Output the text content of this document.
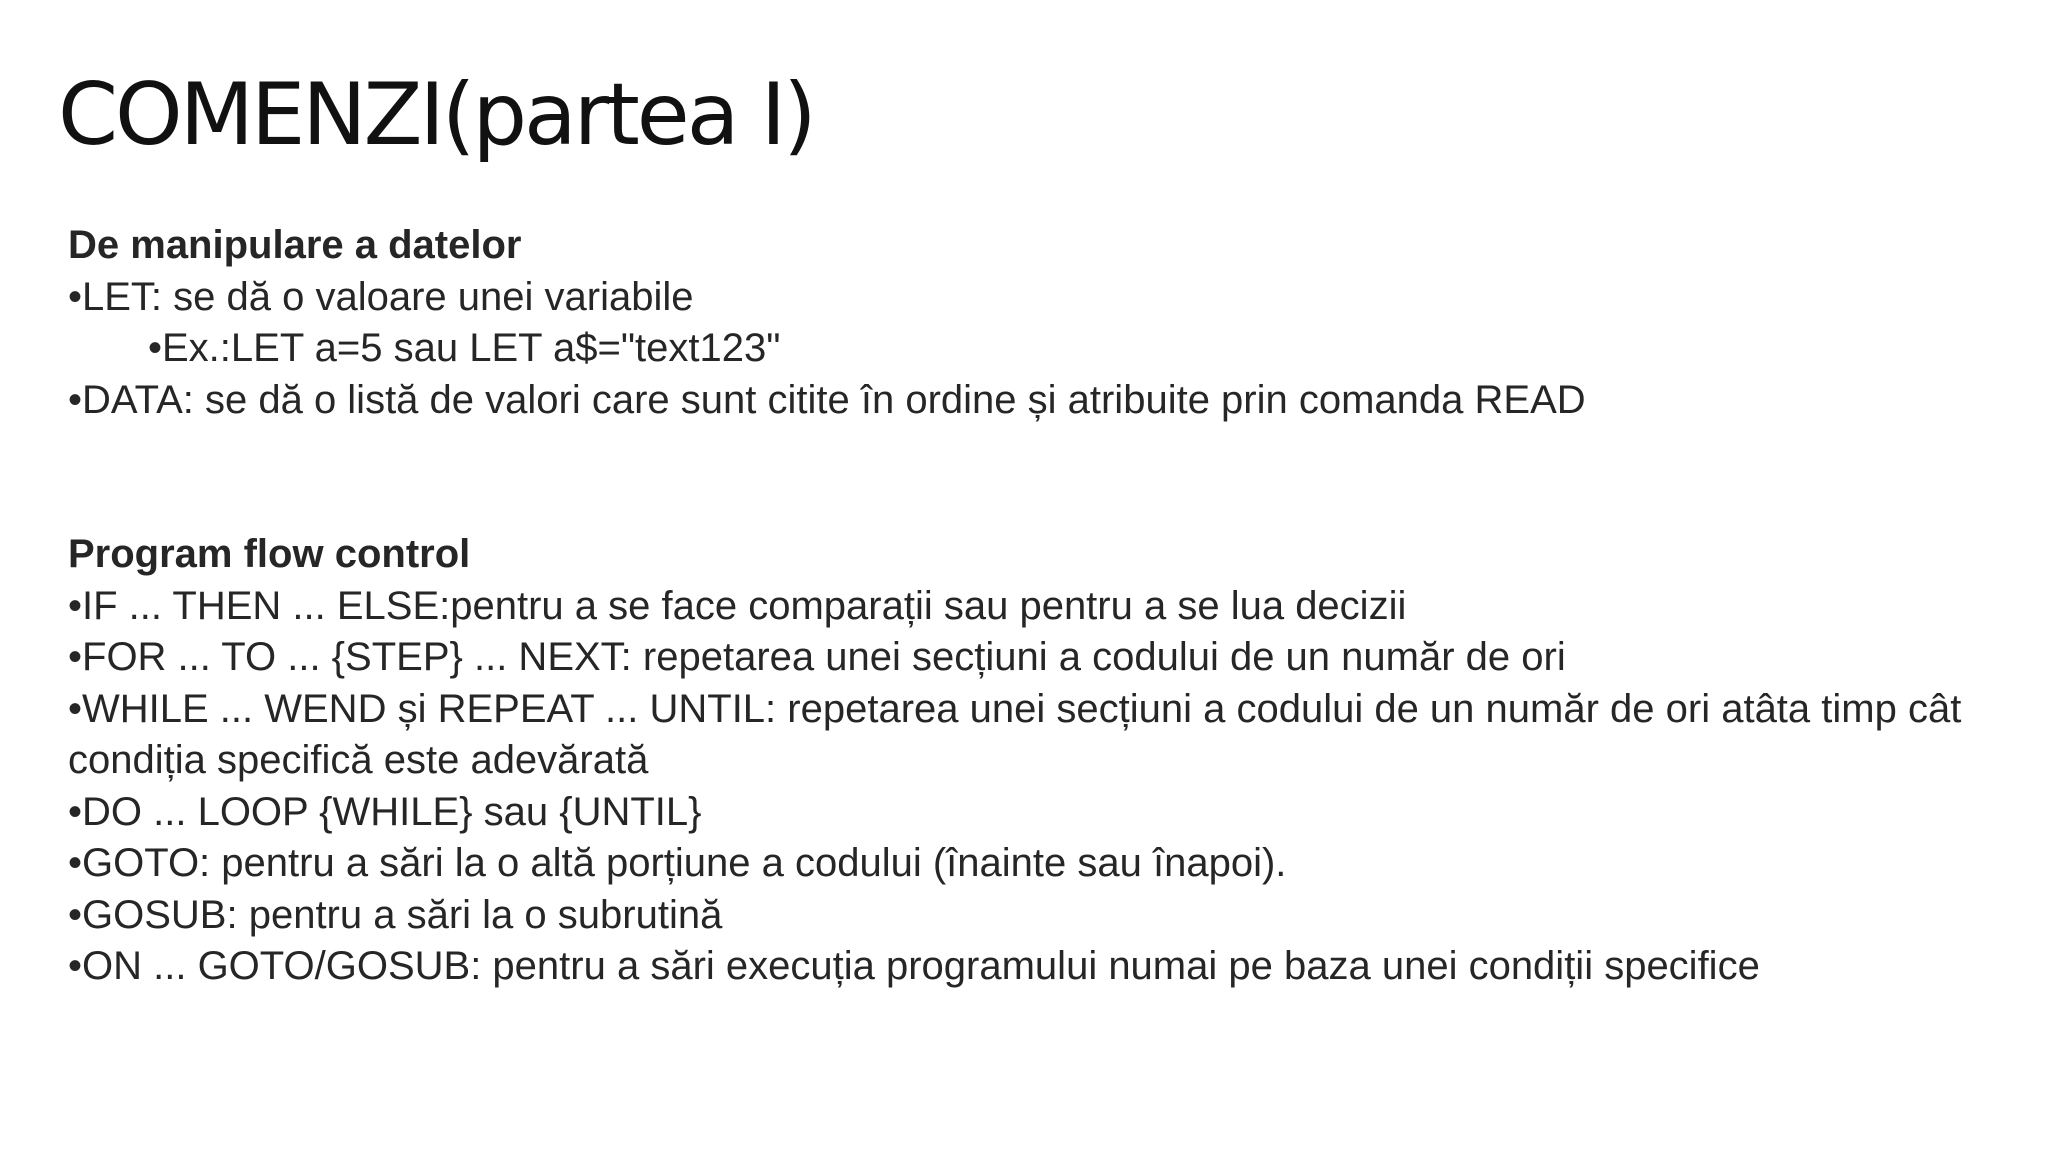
COMENZI(partea I)

De manipulare a datelor

•LET: se dă o valoare unei variabile

•Ex.:LET a=5 sau LET a$="text123"

•DATA: se dă o listă de valori care sunt citite în ordine și atribuite prin comanda READ

Program flow control

•IF ... THEN ... ELSE:pentru a se face comparații sau pentru a se lua decizii

•FOR ... TO ... {STEP} ... NEXT: repetarea unei secțiuni a codului de un număr de ori

•WHILE ... WEND și REPEAT ... UNTIL: repetarea unei secțiuni a codului de un număr de ori atâta timp cât condiția specifică este adevărată

•DO ... LOOP {WHILE} sau {UNTIL}

•GOTO: pentru a sări la o altă porțiune a codului (înainte sau înapoi).

•GOSUB: pentru a sări la o subrutină

•ON ... GOTO/GOSUB: pentru a sări execuția programului numai pe baza unei condiții specifice
